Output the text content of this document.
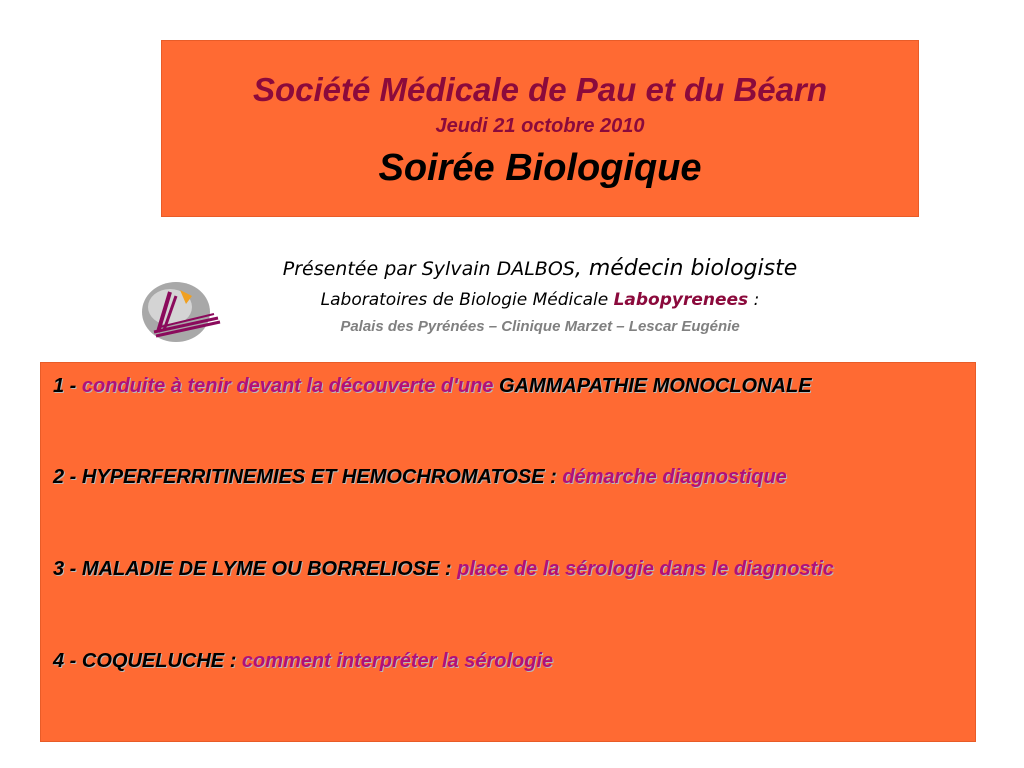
Société Médicale de Pau et du Béarn
Jeudi 21 octobre 2010
Soirée Biologique
Présentée par Sylvain DALBOS, médecin biologiste
Laboratoires de Biologie Médicale Labopyrenees :
Palais des Pyrénées – Clinique Marzet – Lescar Eugénie
1 - conduite à tenir devant la découverte d'une GAMMAPATHIE MONOCLONALE
2 - HYPERFERRITINEMIES ET HEMOCHROMATOSE : démarche diagnostique
3 - MALADIE DE LYME OU BORRELIOSE : place de la sérologie dans le diagnostic
4 - COQUELUCHE : comment interpréter la sérologie
